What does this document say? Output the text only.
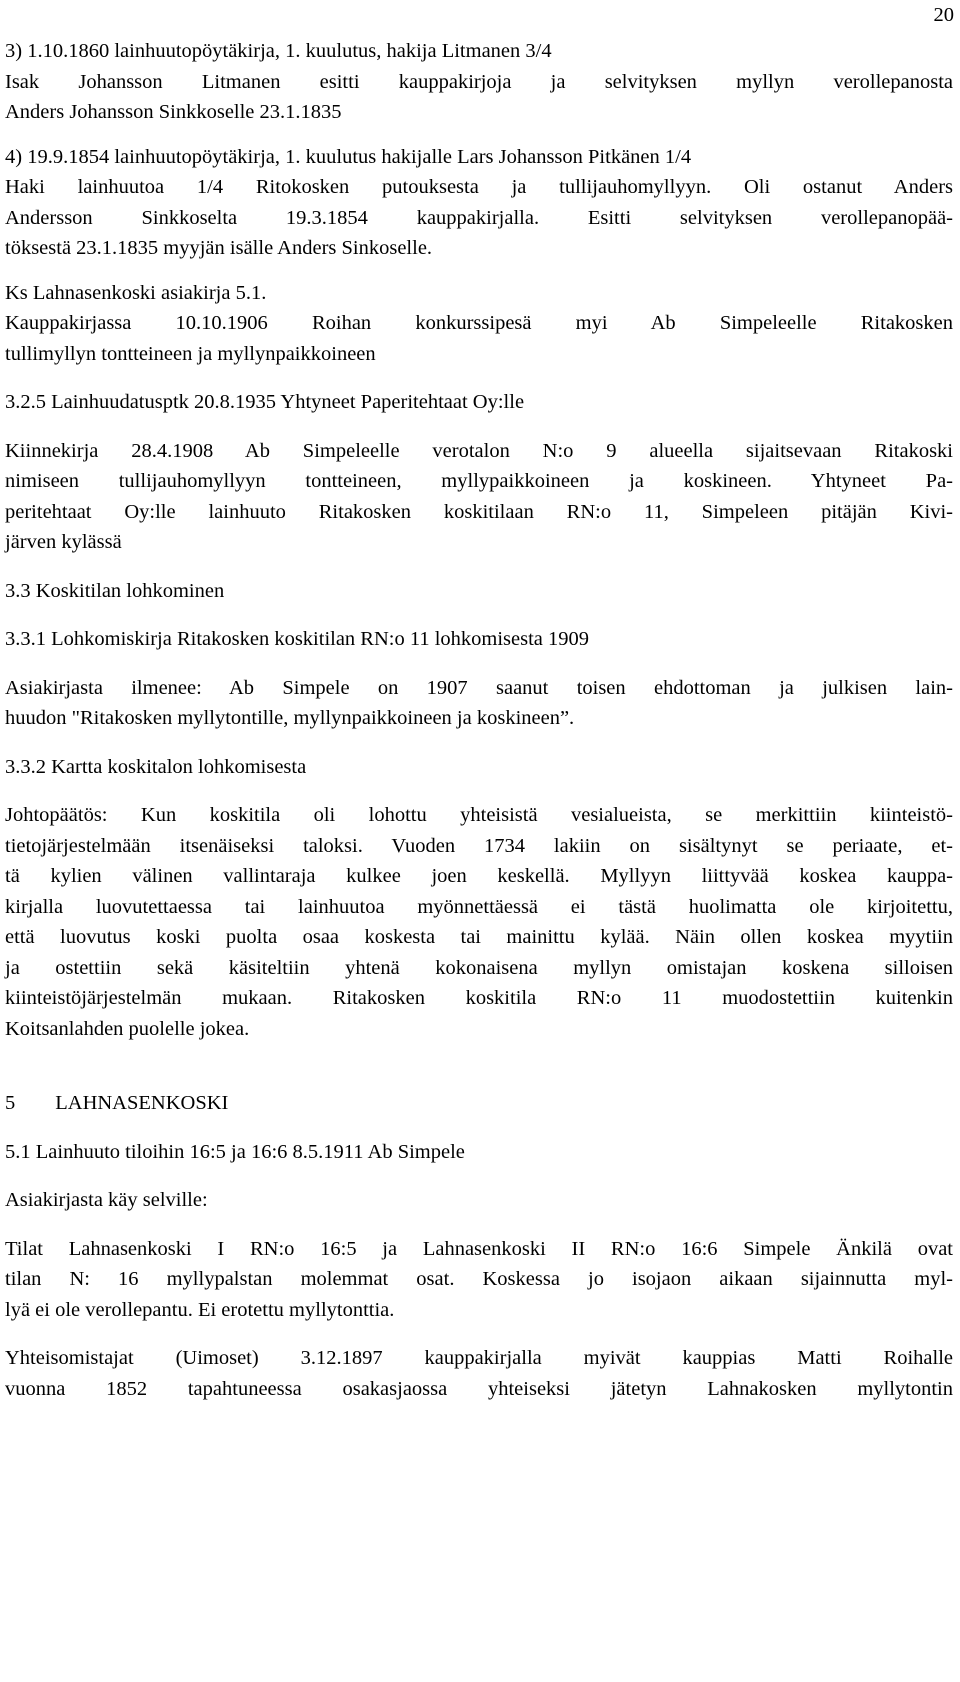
20
3) 1.10.1860 lainhuutopöytäkirja, 1. kuulutus, hakija Litmanen 3/4
Isak Johansson Litmanen esitti kauppakirjoja ja selvityksen myllyn verollepanosta
Anders Johansson Sinkkoselle 23.1.1835
4) 19.9.1854 lainhuutopöytäkirja, 1. kuulutus hakijalle Lars Johansson Pitkänen 1/4
Haki lainhuutoa 1/4 Ritokosken putouksesta ja tullijauhomyllyyn. Oli ostanut Anders
Andersson Sinkkoselta 19.3.1854 kauppakirjalla. Esitti selvityksen verollepanopää-
töksestä 23.1.1835 myyjän isälle Anders Sinkoselle.
Ks Lahnasenkoski asiakirja 5.1.
Kauppakirjassa 10.10.1906 Roihan konkurssipesä myi Ab Simpeleelle Ritakosken
tullimyllyn tontteineen ja myllynpaikkoineen
3.2.5 Lainhuudatusptk 20.8.1935 Yhtyneet Paperitehtaat Oy:lle
Kiinnekirja 28.4.1908 Ab Simpeleelle verotalon N:o 9 alueella sijaitsevaan Ritakoski
nimiseen tullijauhomyllyyn tontteineen, myllypaikkoineen ja koskineen. Yhtyneet Pa-
peritehtaat Oy:lle lainhuuto Ritakosken koskitilaan RN:o 11, Simpeleen pitäjän Kivi-
järven kylässä
3.3 Koskitilan lohkominen
3.3.1 Lohkomiskirja Ritakosken koskitilan RN:o 11 lohkomisesta 1909
Asiakirjasta ilmenee: Ab Simpele on 1907 saanut toisen ehdottoman ja julkisen lain-
huudon "Ritakosken myllytontille, myllynpaikkoineen ja koskineen”.
3.3.2 Kartta koskitalon lohkomisesta
Johtopäätös: Kun koskitila oli lohottu yhteisistä vesialueista, se merkittiin kiinteistö-
tietojärjestelmään itsenäiseksi taloksi. Vuoden 1734 lakiin on sisältynyt se periaate, et-
tä kylien välinen vallintaraja kulkee joen keskellä. Myllyyn liittyvää koskea kauppa-
kirjalla luovutettaessa tai lainhuutoa myönnettäessä ei tästä huolimatta ole kirjoitettu,
että luovutus koski puolta osaa koskesta tai mainittu kylää. Näin ollen koskea myytiin
ja ostettiin sekä käsiteltiin yhtenä kokonaisena myllyn omistajan koskena silloisen
kiinteistöjärjestelmän mukaan. Ritakosken koskitila RN:o 11 muodostettiin kuitenkin
Koitsanlahden puolelle jokea.
5 LAHNASENKOSKI
5.1 Lainhuuto tiloihin 16:5 ja 16:6 8.5.1911 Ab Simpele
Asiakirjasta käy selville:
Tilat Lahnasenkoski I RN:o 16:5 ja Lahnasenkoski II RN:o 16:6 Simpele Änkilä ovat
tilan N: 16 myllypalstan molemmat osat. Koskessa jo isojaon aikaan sijainnutta myl-
lyä ei ole verollepantu. Ei erotettu myllytonttia.
Yhteisomistajat (Uimoset) 3.12.1897 kauppakirjalla myivät kauppias Matti Roihalle
vuonna 1852 tapahtuneessa osakasjaossa yhteiseksi jätetyn Lahnakosken myllytontin
